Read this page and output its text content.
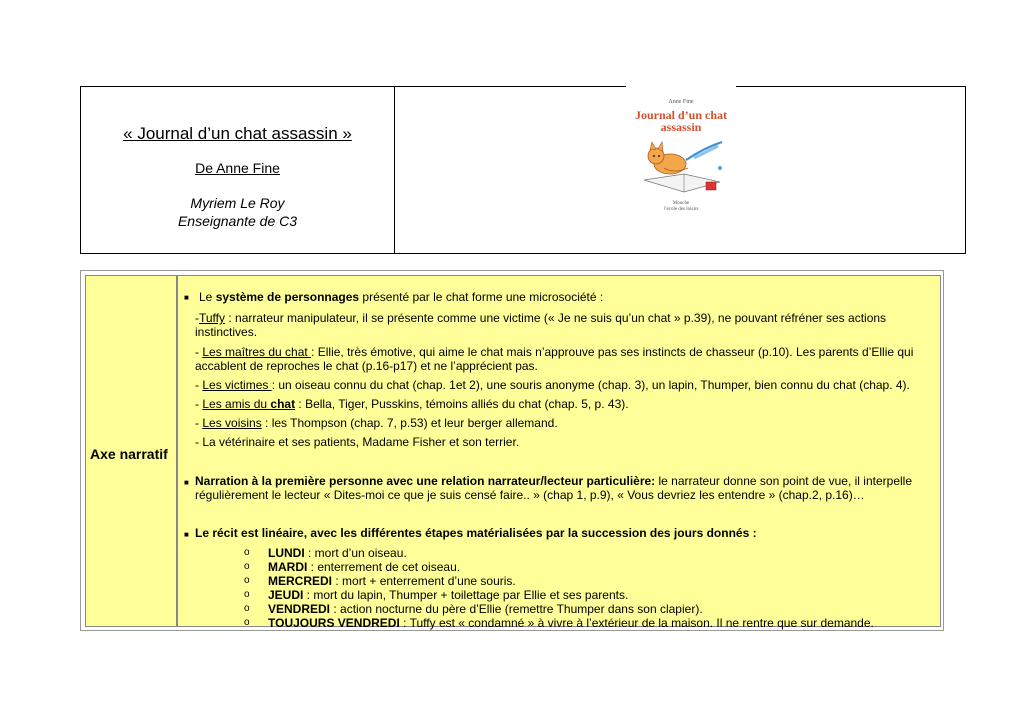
« Journal d’un chat assassin »
De Anne Fine
Myriem Le Roy
Enseignante de C3
Anne Fine
Journal d’un chat
assassin
Mouche
l’école des loisirs
Axe narratif
■ Le système de personnages présenté par le chat forme une microsociété :
-Tuffy : narrateur manipulateur, il se présente comme une victime (« Je ne suis qu’un chat » p.39), ne pouvant réfréner ses actions instinctives.
- Les maîtres du chat : Ellie, très émotive, qui aime le chat mais n’approuve pas ses instincts de chasseur (p.10). Les parents d’Ellie qui accablent de reproches le chat (p.16-p17) et ne l’apprécient pas.
- Les victimes : un oiseau connu du chat (chap. 1et 2), une souris anonyme (chap. 3), un lapin, Thumper, bien connu du chat (chap. 4).
- Les amis du chat : Bella, Tiger, Pusskins, témoins alliés du chat (chap. 5, p. 43).
- Les voisins : les Thompson (chap. 7, p.53) et leur berger allemand.
- La vétérinaire et ses patients, Madame Fisher et son terrier.
■ Narration à la première personne avec une relation narrateur/lecteur particulière: le narrateur donne son point de vue, il interpelle régulièrement le lecteur « Dites-moi ce que je suis censé faire.. » (chap 1, p.9), « Vous devriez les entendre » (chap.2, p.16)…
■ Le récit est linéaire, avec les différentes étapes matérialisées par la succession des jours donnés :
o LUNDI : mort d’un oiseau.
o MARDI : enterrement de cet oiseau.
o MERCREDI : mort + enterrement d’une souris.
o JEUDI : mort du lapin, Thumper + toilettage par Ellie et ses parents.
o VENDREDI : action nocturne du père d’Ellie (remettre Thumper dans son clapier).
o TOUJOURS VENDREDI : Tuffy est « condamné » à vivre à l’extérieur de la maison. Il ne rentre que sur demande.
